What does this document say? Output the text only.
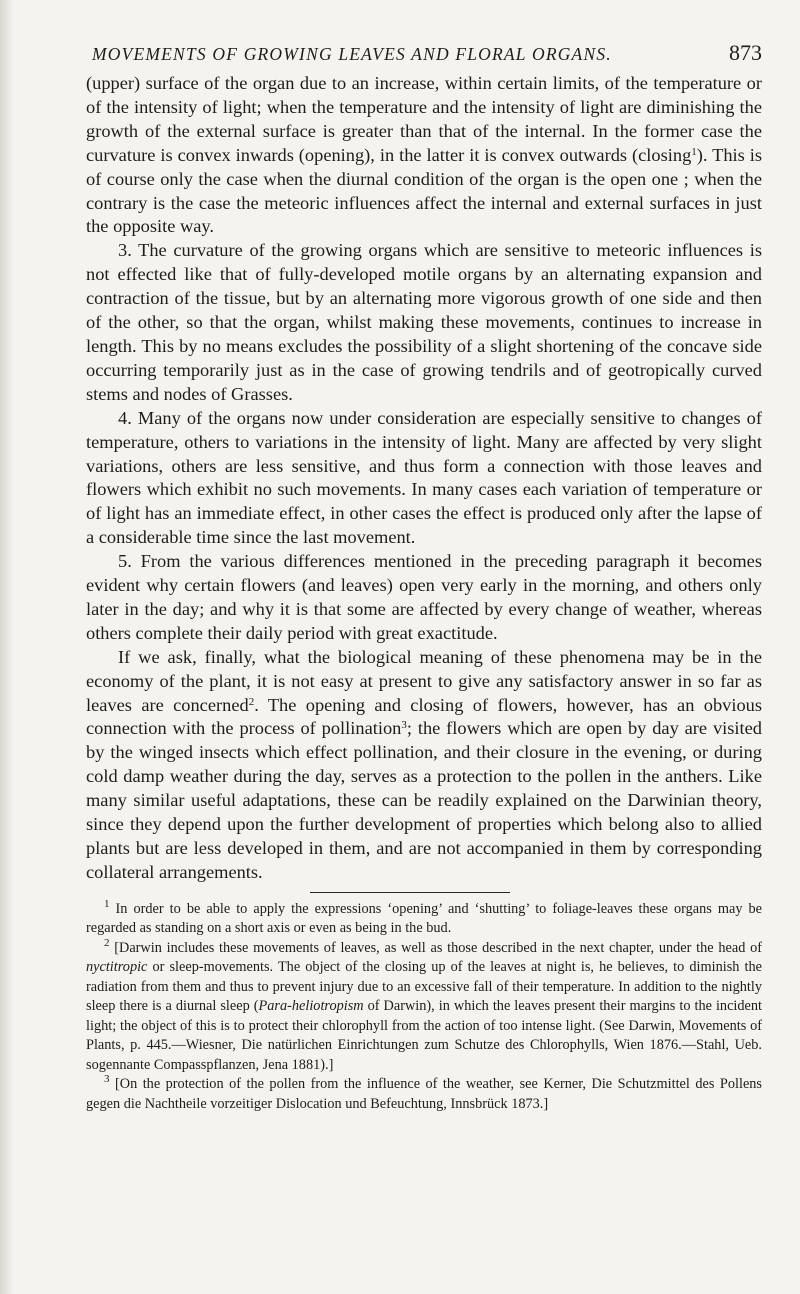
MOVEMENTS OF GROWING LEAVES AND FLORAL ORGANS.	873

(upper) surface of the organ due to an increase, within certain limits, of the temperature or of the intensity of light; when the temperature and the intensity of light are diminishing the growth of the external surface is greater than that of the internal. In the former case the curvature is convex inwards (opening), in the latter it is convex outwards (closing$^1$). This is of course only the case when the diurnal condition of the organ is the open one ; when the contrary is the case the meteoric influences affect the internal and external surfaces in just the opposite way.

3. The curvature of the growing organs which are sensitive to meteoric influences is not effected like that of fully-developed motile organs by an alternating expansion and contraction of the tissue, but by an alternating more vigorous growth of one side and then of the other, so that the organ, whilst making these movements, continues to increase in length. This by no means excludes the possibility of a slight shortening of the concave side occurring temporarily just as in the case of growing tendrils and of geotropically curved stems and nodes of Grasses.

4. Many of the organs now under consideration are especially sensitive to changes of temperature, others to variations in the intensity of light. Many are affected by very slight variations, others are less sensitive, and thus form a connection with those leaves and flowers which exhibit no such movements. In many cases each variation of temperature or of light has an immediate effect, in other cases the effect is produced only after the lapse of a considerable time since the last movement.

5. From the various differences mentioned in the preceding paragraph it becomes evident why certain flowers (and leaves) open very early in the morning, and others only later in the day; and why it is that some are affected by every change of weather, whereas others complete their daily period with great exactitude.

If we ask, finally, what the biological meaning of these phenomena may be in the economy of the plant, it is not easy at present to give any satisfactory answer in so far as leaves are concerned$^2$. The opening and closing of flowers, however, has an obvious connection with the process of pollination$^3$; the flowers which are open by day are visited by the winged insects which effect pollination, and their closure in the evening, or during cold damp weather during the day, serves as a protection to the pollen in the anthers. Like many similar useful adaptations, these can be readily explained on the Darwinian theory, since they depend upon the further development of properties which belong also to allied plants but are less developed in them, and are not accompanied in them by corresponding collateral arrangements.

$^1$ In order to be able to apply the expressions ‘opening’ and ‘shutting’ to foliage-leaves these organs may be regarded as standing on a short axis or even as being in the bud.

$^2$ [Darwin includes these movements of leaves, as well as those described in the next chapter, under the head of nyctitropic or sleep-movements. The object of the closing up of the leaves at night is, he believes, to diminish the radiation from them and thus to prevent injury due to an excessive fall of their temperature. In addition to the nightly sleep there is a diurnal sleep (Para-heliotropism of Darwin), in which the leaves present their margins to the incident light; the object of this is to protect their chlorophyll from the action of too intense light. (See Darwin, Movements of Plants, p. 445.—Wiesner, Die natürlichen Einrichtungen zum Schutze des Chlorophylls, Wien 1876.—Stahl, Ueb. sogennante Compasspflanzen, Jena 1881).]

$^3$ [On the protection of the pollen from the influence of the weather, see Kerner, Die Schutzmittel des Pollens gegen die Nachtheile vorzeitiger Dislocation und Befeuchtung, Innsbrück 1873.]
